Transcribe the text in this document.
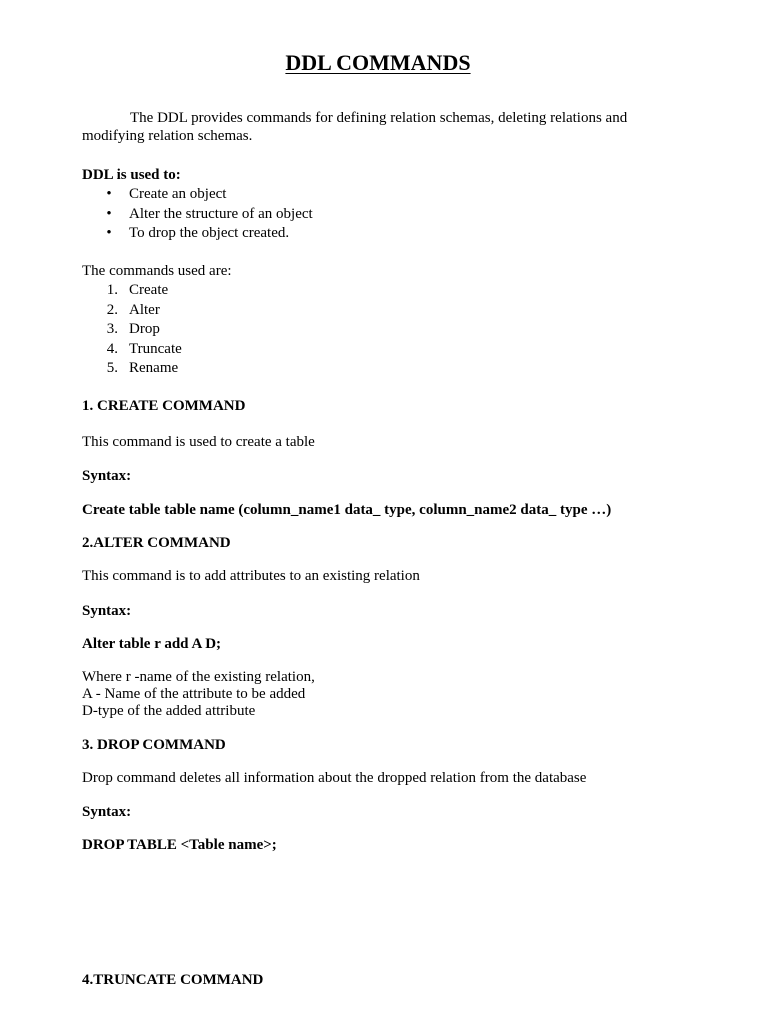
DDL COMMANDS
The DDL provides commands for defining relation schemas, deleting relations and modifying relation schemas.
DDL is used to:
• Create an object
• Alter the structure of an object
• To drop the object created.
The commands used are:
1. Create
2. Alter
3. Drop
4. Truncate
5. Rename
1. CREATE COMMAND
This command is used to create a table
Syntax:
Create table table name (column_name1 data_ type, column_name2 data_ type …)
2.ALTER COMMAND
This command is to add attributes to an existing relation
Syntax:
Alter table r add A D;
Where r -name of the existing relation,
A - Name of the attribute to be added
D-type of the added attribute
3. DROP COMMAND
Drop command deletes all information about the dropped relation from the database
Syntax:
DROP TABLE <Table name>;
4.TRUNCATE COMMAND
